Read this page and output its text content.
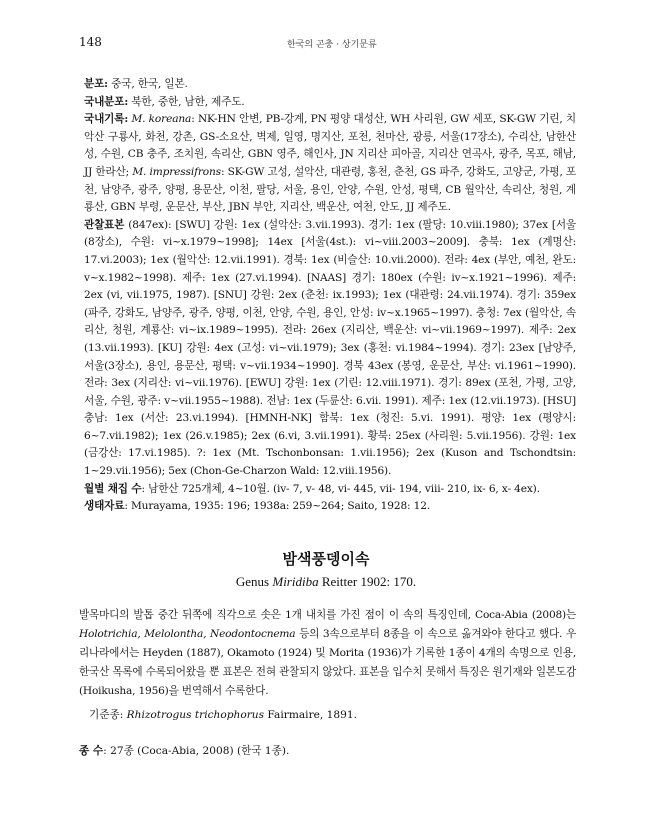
148	한국의 곤충 · 상기문류

분포: 중국, 한국, 일본.

국내분포: 북한, 중한, 남한, 제주도.

국내기록: M. koreana: NK-HN 안변, PB-강계, PN 평양 대성산, WH 사리원, GW 세포, SK-GW 기린, 치악산 구룡사, 화천, 강촌, GS-소요산, 벽제, 일영, 명지산, 포천, 천마산, 광릉, 서울(17장소), 수리산, 남한산성, 수원, CB 충주, 조치원, 속리산, GBN 영주, 해인사, JN 지리산 피아골, 지리산 연곡사, 광주, 목포, 해남, JJ 한라산; M. impressifrons: SK-GW 고성, 설악산, 대관령, 홍천, 춘천, GS 파주, 강화도, 고양군, 가평, 포천, 남양주, 광주, 양평, 용문산, 이천, 팔당, 서울, 용인, 안양, 수원, 안성, 평택, CB 월악산, 속리산, 청원, 계룡산, GBN 부령, 운문산, 부산, JBN 부안, 지리산, 백운산, 여천, 안도, JJ 제주도.

관찰표본 (847ex): [SWU] 강원: 1ex (설악산: 3.vii.1993). 경기: 1ex (팔당: 10.viii.1980); 37ex [서울 (8장소), 수원: vi~x.1979~1998]; 14ex [서울(4st.): vi~viii.2003~2009]. 충북: 1ex (계명산: 17.vi.2003); 1ex (월악산: 12.vii.1991). 경북: 1ex (비슬산: 10.vii.2000). 전라: 4ex (부안, 예천, 완도: v~x.1982~1998). 제주: 1ex (27.vi.1994). [NAAS] 경기: 180ex (수원: iv~x.1921~1996). 제주: 2ex (vi, vii.1975, 1987). [SNU] 강원: 2ex (춘천: ix.1993); 1ex (대관령: 24.vii.1974). 경기: 359ex (파주, 강화도, 남양주, 광주, 양평, 이천, 안양, 수원, 용인, 안성: iv~x.1965~1997). 충청: 7ex (월악산, 속리산, 청원, 계룡산: vi~ix.1989~1995). 전라: 26ex (지리산, 백운산: vi~vii.1969~1997). 제주: 2ex (13.vii.1993). [KU] 강원: 4ex (고성: vi~vii.1979); 3ex (홍천: vi.1984~1994). 경기: 23ex [남양주, 서울(3장소), 용인, 용문산, 평택: v~vii.1934~1990]. 경북 43ex (봉영, 운문산, 부산: vi.1961~1990). 전라: 3ex (지리산: vi~vii.1976). [EWU] 강원: 1ex (기린: 12.viii.1971). 경기: 89ex (포천, 가평, 고양, 서울, 수원, 광주: v~vii.1955~1988). 전남: 1ex (두륜산: 6.vii. 1991). 제주: 1ex (12.vii.1973). [HSU] 충남: 1ex (서산: 23.vi.1994). [HMNH-NK] 함북: 1ex (청진: 5.vi. 1991). 평양: 1ex (평양시: 6~7.vii.1982); 1ex (26.v.1985); 2ex (6.vi, 3.vii.1991). 황북: 25ex (사리원: 5.vii.1956). 강원: 1ex (금강산: 17.vi.1985). ?: 1ex (Mt. Tschonbonsan: 1.vii.1956); 2ex (Kuson and Tschondtsin: 1~29.vii.1956); 5ex (Chon-Ge-Charzon Wald: 12.viii.1956).

월별 채집 수: 남한산 725개체, 4~10월. (iv- 7, v- 48, vi- 445, vii- 194, viii- 210, ix- 6, x- 4ex).

생태자료: Murayama, 1935: 196; 1938a: 259~264; Saito, 1928: 12.

밤색풍뎅이속
Genus Miridiba Reitter 1902: 170.

발목마디의 발톱 중간 뒤쪽에 직각으로 솟은 1개 내치를 가진 점이 이 속의 특징인데, Coca-Abia (2008)는 Holotrichia, Melolontha, Neodontocnema 등의 3속으로부터 8종을 이 속으로 옮겨와야 한다고 했다. 우리나라에서는 Heyden (1887), Okamoto (1924) 및 Morita (1936)가 기록한 1종이 4개의 속명으로 인용, 한국산 목록에 수록되어왔을 뿐 표본은 전혀 관찰되지 않았다. 표본을 입수치 못해서 특징은 원기재와 일본도감(Hoikusha, 1956)을 번역해서 수록한다.

기준종: Rhizotrogus trichophorus Fairmaire, 1891.
종 수: 27종 (Coca-Abia, 2008) (한국 1종).
